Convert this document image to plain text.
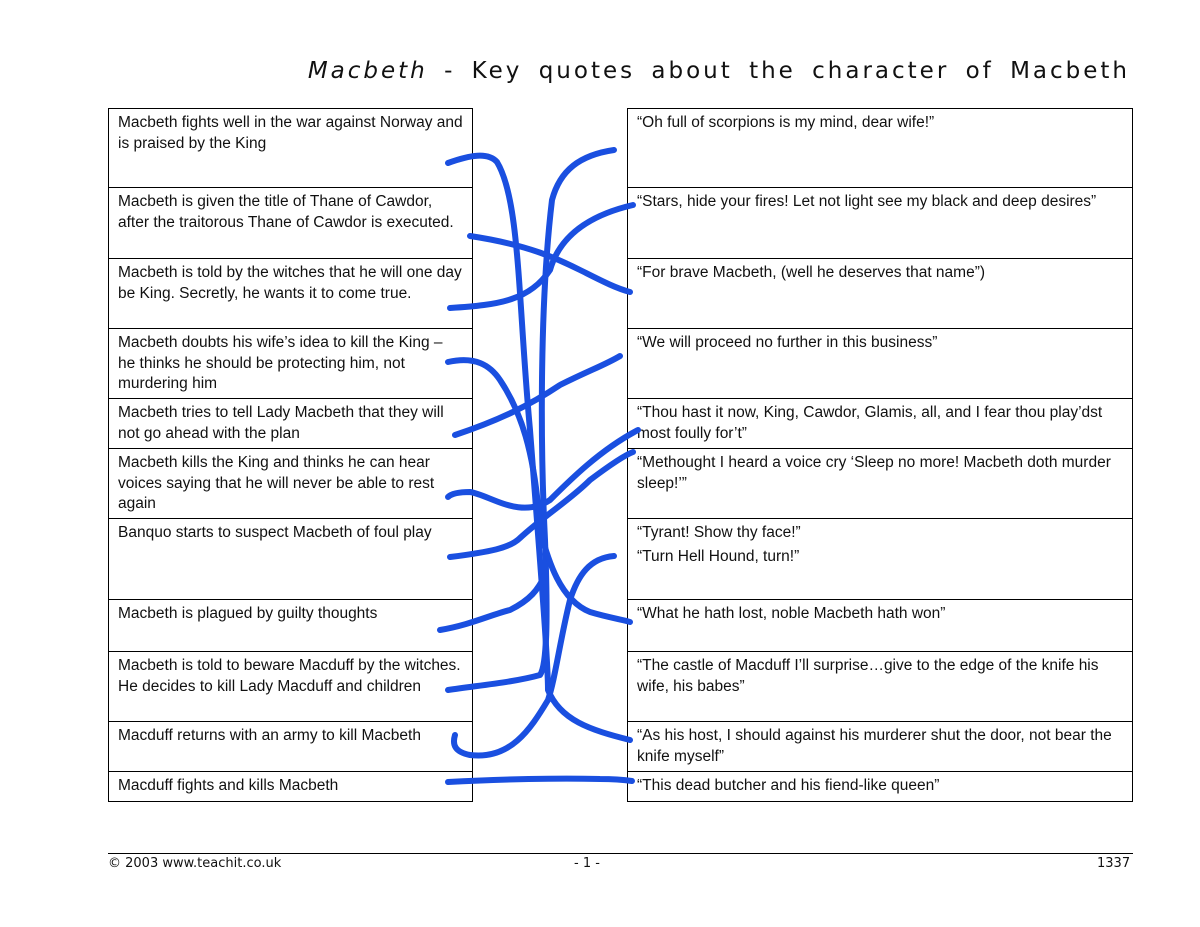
Macbeth - Key quotes about the character of Macbeth
Macbeth fights well in the war against Norway and is praised by the King
Macbeth is given the title of Thane of Cawdor, after the traitorous Thane of Cawdor is executed.
Macbeth is told by the witches that he will one day be King. Secretly, he wants it to come true.
Macbeth doubts his wife’s idea to kill the King – he thinks he should be protecting him, not murdering him
Macbeth tries to tell Lady Macbeth that they will not go ahead with the plan
Macbeth kills the King and thinks he can hear voices saying that he will never be able to rest again
Banquo starts to suspect Macbeth of foul play
Macbeth is plagued by guilty thoughts
Macbeth is told to beware Macduff by the witches. He decides to kill Lady Macduff and children
Macduff returns with an army to kill Macbeth
Macduff fights and kills Macbeth
“Oh full of scorpions is my mind, dear wife!”
“Stars, hide your fires! Let not light see my black and deep desires”
“For brave Macbeth, (well he deserves that name”)
“We will proceed no further in this business”
“Thou hast it now, King, Cawdor, Glamis, all, and I fear thou play’dst most foully for’t”
“Methought I heard a voice cry ‘Sleep no more! Macbeth doth murder sleep!’”
“Tyrant! Show thy face!”
“Turn Hell Hound, turn!”
“What he hath lost, noble Macbeth hath won”
“The castle of Macduff I’ll surprise…give to the edge of the knife his wife, his babes”
“As his host, I should against his murderer shut the door, not bear the knife myself”
“This dead butcher and his fiend-like queen”
© 2003 www.teachit.co.uk	- 1 -	1337
